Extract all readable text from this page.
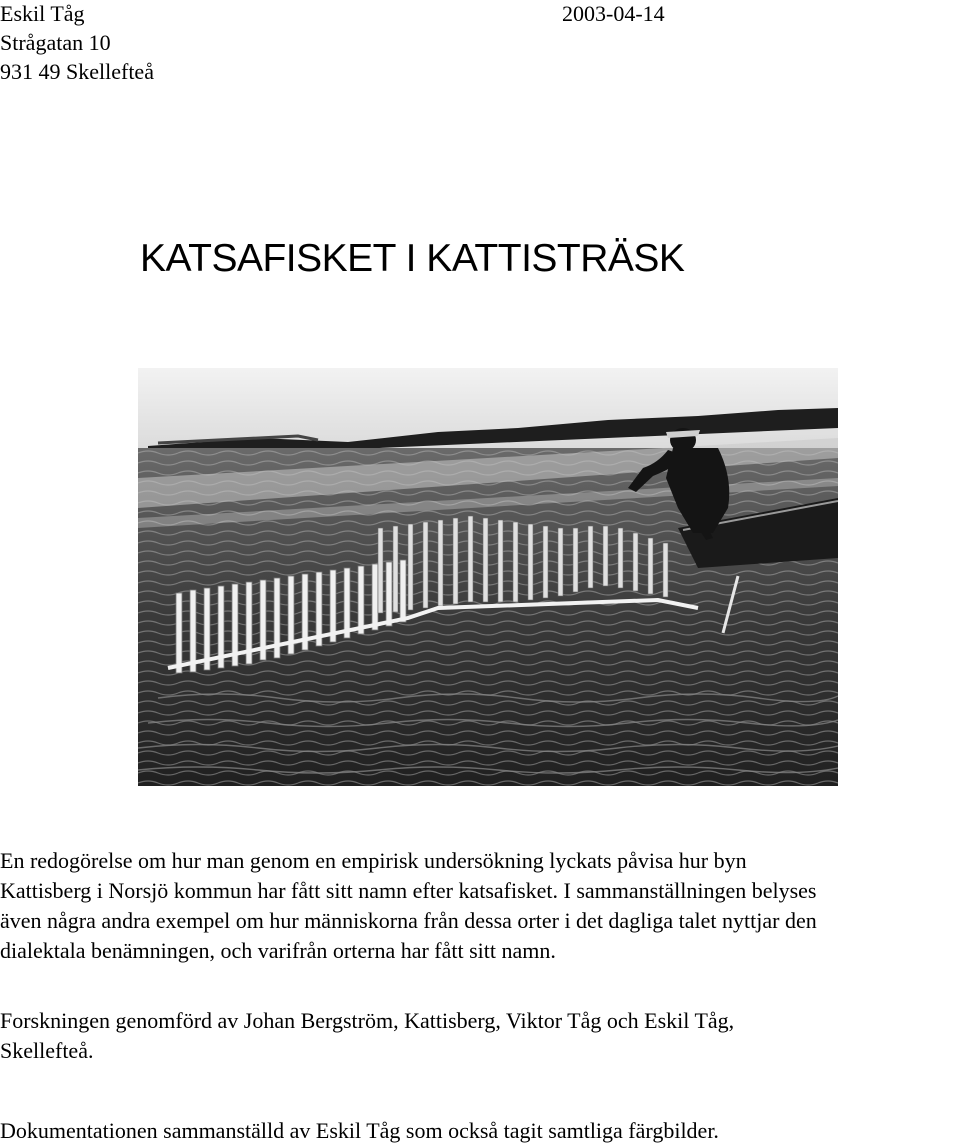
Eskil Tåg
Strågatan 10
931 49 Skellefteå
2003-04-14
KATSAFISKET I KATTISTRÄSK

En redogörelse om hur man genom en empirisk undersökning lyckats påvisa hur byn
Kattisberg i Norsjö kommun har fått sitt namn efter katsafisket. I sammanställningen belyses
även några andra exempel om hur människorna från dessa orter i det dagliga talet nyttjar den
dialektala benämningen, och varifrån orterna har fått sitt namn.

Forskningen genomförd av Johan Bergström, Kattisberg, Viktor Tåg och Eskil Tåg,
Skellefteå.

Dokumentationen sammanställd av Eskil Tåg som också tagit samtliga färgbilder.
